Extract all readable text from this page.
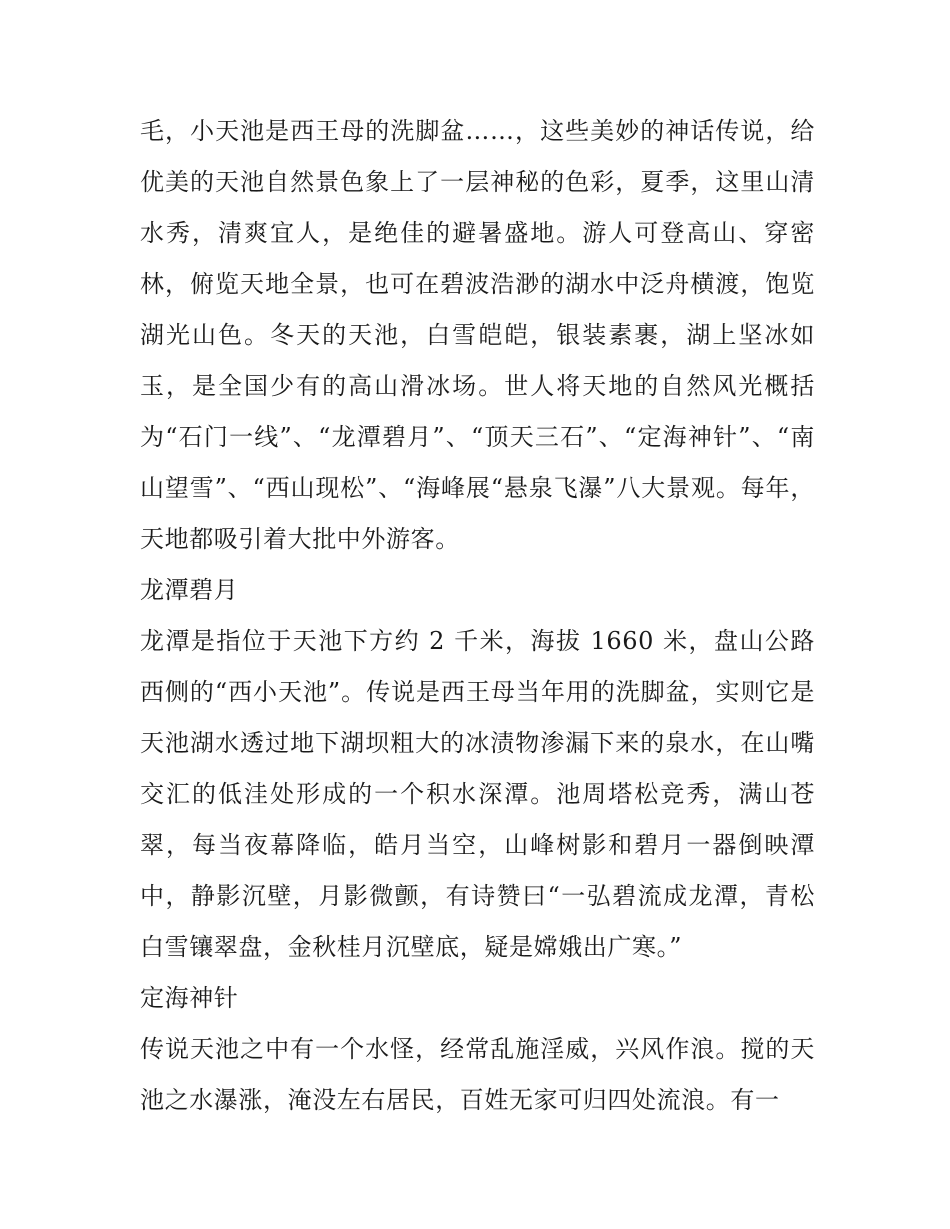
毛，小天池是西王母的洗脚盆……，这些美妙的神话传说，给优美的天池自然景色象上了一层神秘的色彩，夏季，这里山清水秀，清爽宜人，是绝佳的避暑盛地。游人可登高山、穿密林，俯览天地全景，也可在碧波浩渺的湖水中泛舟横渡，饱览湖光山色。冬天的天池，白雪皑皑，银装素裹，湖上坚冰如玉，是全国少有的高山滑冰场。世人将天地的自然风光概括为“石门一线”、“龙潭碧月”、“顶天三石”、“定海神针”、“南山望雪”、“西山现松”、“海峰展“悬泉飞瀑”八大景观。每年，天地都吸引着大批中外游客。

龙潭碧月

龙潭是指位于天池下方约 2 千米，海拔 1660 米，盘山公路西侧的“西小天池”。传说是西王母当年用的洗脚盆，实则它是天池湖水透过地下湖坝粗大的冰渍物渗漏下来的泉水，在山嘴交汇的低洼处形成的一个积水深潭。池周塔松竞秀，满山苍翠，每当夜幕降临，皓月当空，山峰树影和碧月一器倒映潭中，静影沉壁，月影微颤，有诗赞曰“一弘碧流成龙潭，青松白雪镶翠盘，金秋桂月沉壁底，疑是嫦娥出广寒。”

定海神针

传说天池之中有一个水怪，经常乱施淫威，兴风作浪。搅的天池之水瀑涨，淹没左右居民，百姓无家可归四处流浪。有一
